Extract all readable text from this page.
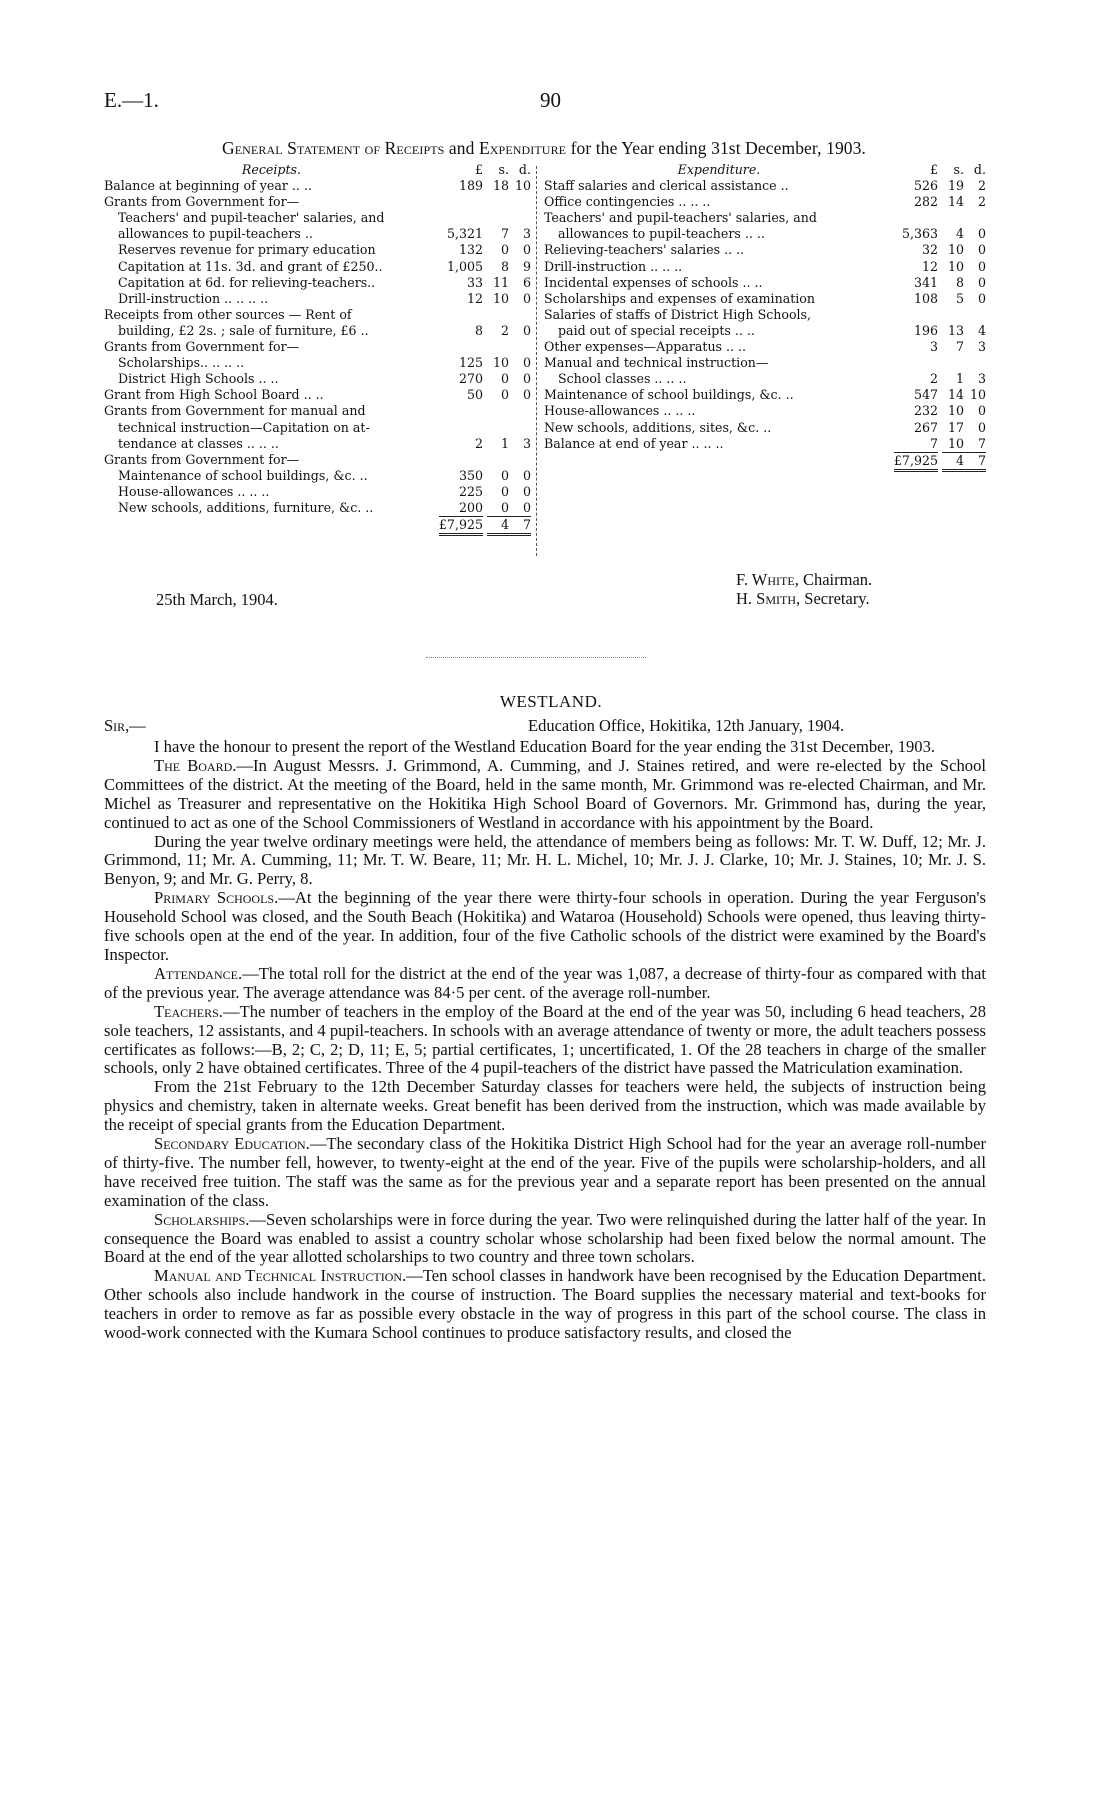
E.—1.	90
General Statement of Receipts and Expenditure for the Year ending 31st December, 1903.
Receipts.	£	s.	d.
Balance at beginning of year .. ..	189	18	10
Grants from Government for—			
Teachers' and pupil-teacher' salaries, and			
allowances to pupil-teachers ..	5,321	7	3
Reserves revenue for primary education	132	0	0
Capitation at 11s. 3d. and grant of £250..	1,005	8	9
Capitation at 6d. for relieving-teachers..	33	11	6
Drill-instruction .. .. .. ..	12	10	0
Receipts from other sources — Rent of			
building, £2 2s. ; sale of furniture, £6 ..	8	2	0
Grants from Government for—			
Scholarships.. .. .. ..	125	10	0
District High Schools .. ..	270	0	0
Grant from High School Board .. ..	50	0	0
Grants from Government for manual and			
technical instruction—Capitation on at-			
tendance at classes .. .. ..	2	1	3
Grants from Government for—			
Maintenance of school buildings, &c. ..	350	0	0
House-allowances .. .. ..	225	0	0
New schools, additions, furniture, &c. ..	200	0	0

	£7,925	4	7
Expenditure.	£	s.	d.
Staff salaries and clerical assistance ..	526	19	2
Office contingencies .. .. ..	282	14	2
Teachers' and pupil-teachers' salaries, and			
allowances to pupil-teachers .. ..	5,363	4	0
Relieving-teachers' salaries .. ..	32	10	0
Drill-instruction .. .. ..	12	10	0
Incidental expenses of schools .. ..	341	8	0
Scholarships and expenses of examination	108	5	0
Salaries of staffs of District High Schools,			
paid out of special receipts .. ..	196	13	4
Other expenses—Apparatus .. ..	3	7	3
Manual and technical instruction—			
School classes .. .. ..	2	1	3
Maintenance of school buildings, &c. ..	547	14	10
House-allowances .. .. ..	232	10	0
New schools, additions, sites, &c. ..	267	17	0
Balance at end of year .. .. ..	7	10	7

	£7,925	4	7
25th March, 1904.
F. White, Chairman.
H. Smith, Secretary.
WESTLAND.
Sir,—	Education Office, Hokitika, 12th January, 1904.

I have the honour to present the report of the Westland Education Board for the year ending the 31st December, 1903.

The Board.—In August Messrs. J. Grimmond, A. Cumming, and J. Staines retired, and were re-elected by the School Committees of the district. At the meeting of the Board, held in the same month, Mr. Grimmond was re-elected Chairman, and Mr. Michel as Treasurer and representative on the Hokitika High School Board of Governors. Mr. Grimmond has, during the year, continued to act as one of the School Commissioners of Westland in accordance with his appointment by the Board.

During the year twelve ordinary meetings were held, the attendance of members being as follows: Mr. T. W. Duff, 12; Mr. J. Grimmond, 11; Mr. A. Cumming, 11; Mr. T. W. Beare, 11; Mr. H. L. Michel, 10; Mr. J. J. Clarke, 10; Mr. J. Staines, 10; Mr. J. S. Benyon, 9; and Mr. G. Perry, 8.

Primary Schools.—At the beginning of the year there were thirty-four schools in operation. During the year Ferguson's Household School was closed, and the South Beach (Hokitika) and Wataroa (Household) Schools were opened, thus leaving thirty-five schools open at the end of the year. In addition, four of the five Catholic schools of the district were examined by the Board's Inspector.

Attendance.—The total roll for the district at the end of the year was 1,087, a decrease of thirty-four as compared with that of the previous year. The average attendance was 84·5 per cent. of the average roll-number.

Teachers.—The number of teachers in the employ of the Board at the end of the year was 50, including 6 head teachers, 28 sole teachers, 12 assistants, and 4 pupil-teachers. In schools with an average attendance of twenty or more, the adult teachers possess certificates as follows:—B, 2; C, 2; D, 11; E, 5; partial certificates, 1; uncertificated, 1. Of the 28 teachers in charge of the smaller schools, only 2 have obtained certificates. Three of the 4 pupil-teachers of the district have passed the Matriculation examination.

From the 21st February to the 12th December Saturday classes for teachers were held, the subjects of instruction being physics and chemistry, taken in alternate weeks. Great benefit has been derived from the instruction, which was made available by the receipt of special grants from the Education Department.

Secondary Education.—The secondary class of the Hokitika District High School had for the year an average roll-number of thirty-five. The number fell, however, to twenty-eight at the end of the year. Five of the pupils were scholarship-holders, and all have received free tuition. The staff was the same as for the previous year and a separate report has been presented on the annual examination of the class.

Scholarships.—Seven scholarships were in force during the year. Two were relinquished during the latter half of the year. In consequence the Board was enabled to assist a country scholar whose scholarship had been fixed below the normal amount. The Board at the end of the year allotted scholarships to two country and three town scholars.

Manual and Technical Instruction.—Ten school classes in handwork have been recognised by the Education Department. Other schools also include handwork in the course of instruction. The Board supplies the necessary material and text-books for teachers in order to remove as far as possible every obstacle in the way of progress in this part of the school course. The class in wood-work connected with the Kumara School continues to produce satisfactory results, and closed the
